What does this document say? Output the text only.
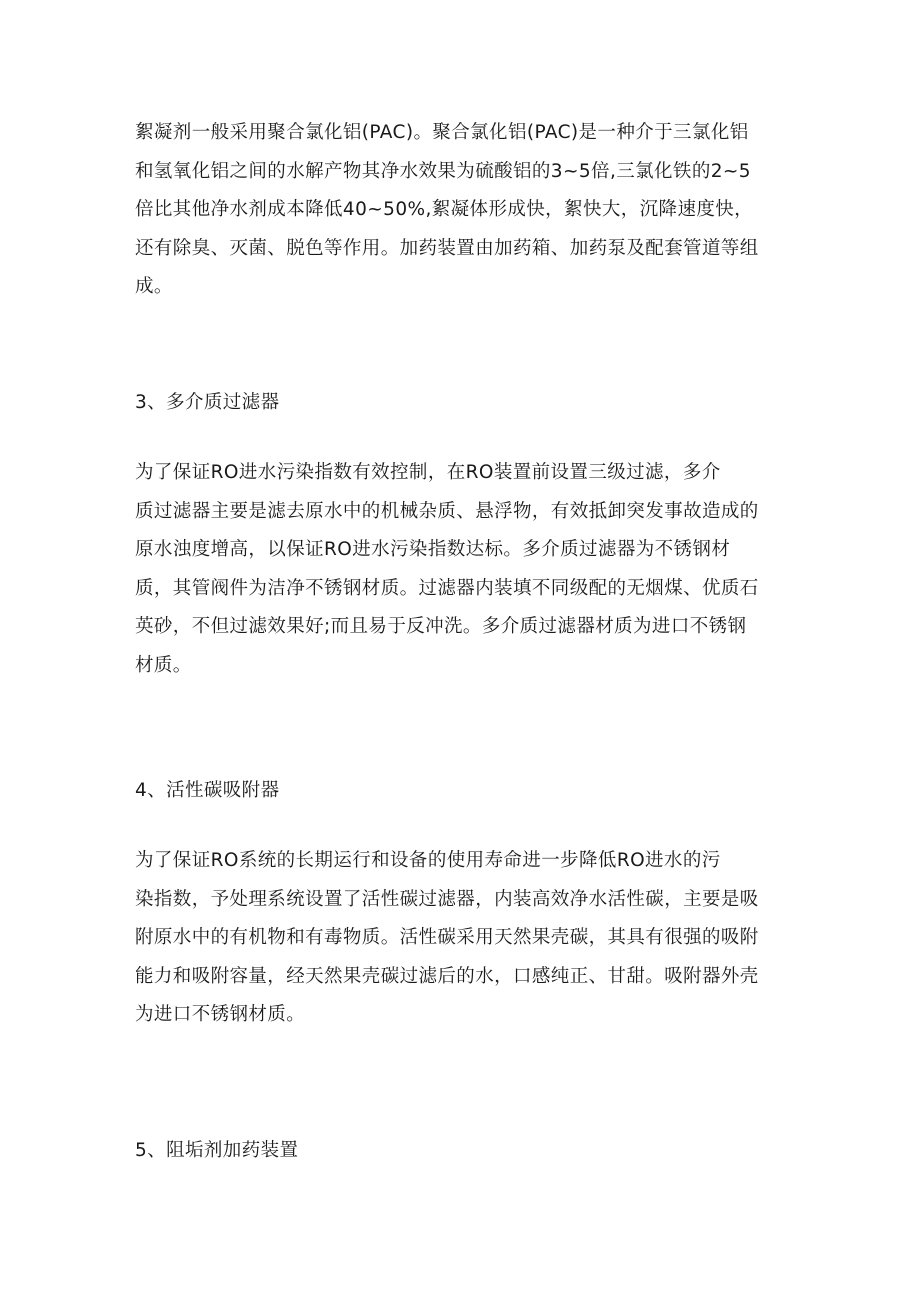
絮凝剂一般采用聚合氯化铝(PAC)。聚合氯化铝(PAC)是一种介于三氯化铝
和氢氧化铝之间的水解产物其净水效果为硫酸铝的3~5倍,三氯化铁的2~5
倍比其他净水剂成本降低40~50%,絮凝体形成快，絮快大，沉降速度快，
还有除臭、灭菌、脱色等作用。加药装置由加药箱、加药泵及配套管道等组
成。
3、多介质过滤器
为了保证RO进水污染指数有效控制，在RO装置前设置三级过滤，多介
质过滤器主要是滤去原水中的机械杂质、悬浮物，有效抵卸突发事故造成的
原水浊度增高，以保证RO进水污染指数达标。多介质过滤器为不锈钢材
质，其管阀件为洁净不锈钢材质。过滤器内装填不同级配的无烟煤、优质石
英砂，不但过滤效果好;而且易于反冲洗。多介质过滤器材质为进口不锈钢
材质。
4、活性碳吸附器
为了保证RO系统的长期运行和设备的使用寿命进一步降低RO进水的污
染指数，予处理系统设置了活性碳过滤器，内装高效净水活性碳，主要是吸
附原水中的有机物和有毒物质。活性碳采用天然果壳碳，其具有很强的吸附
能力和吸附容量，经天然果壳碳过滤后的水，口感纯正、甘甜。吸附器外壳
为进口不锈钢材质。
5、阻垢剂加药装置
